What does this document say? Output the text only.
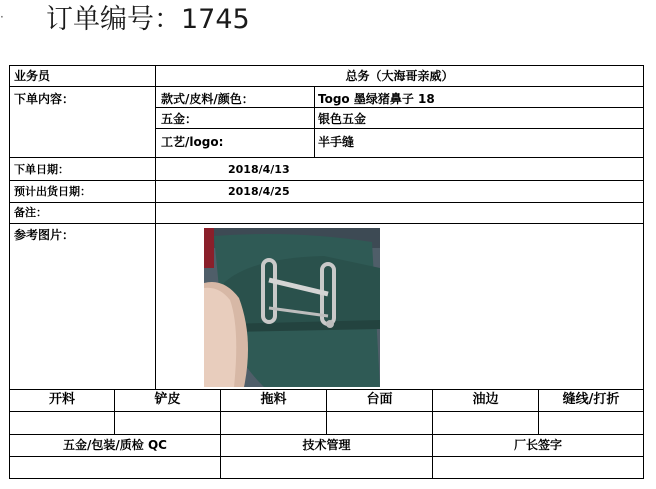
· 订单编号：1745
业务员	总务（大海哥亲威）
下单内容：	款式/皮料/颜色：	Togo 墨绿猪鼻子 18
五金：	银色五金
工艺/logo:	半手缝
下单日期：	2018/4/13
预计出货日期：	2018/4/25
备注：
参考图片：
开料	铲皮	拖料	台面	油边	缝线/打折
五金/包装/质检 QC	技术管理	厂长签字
